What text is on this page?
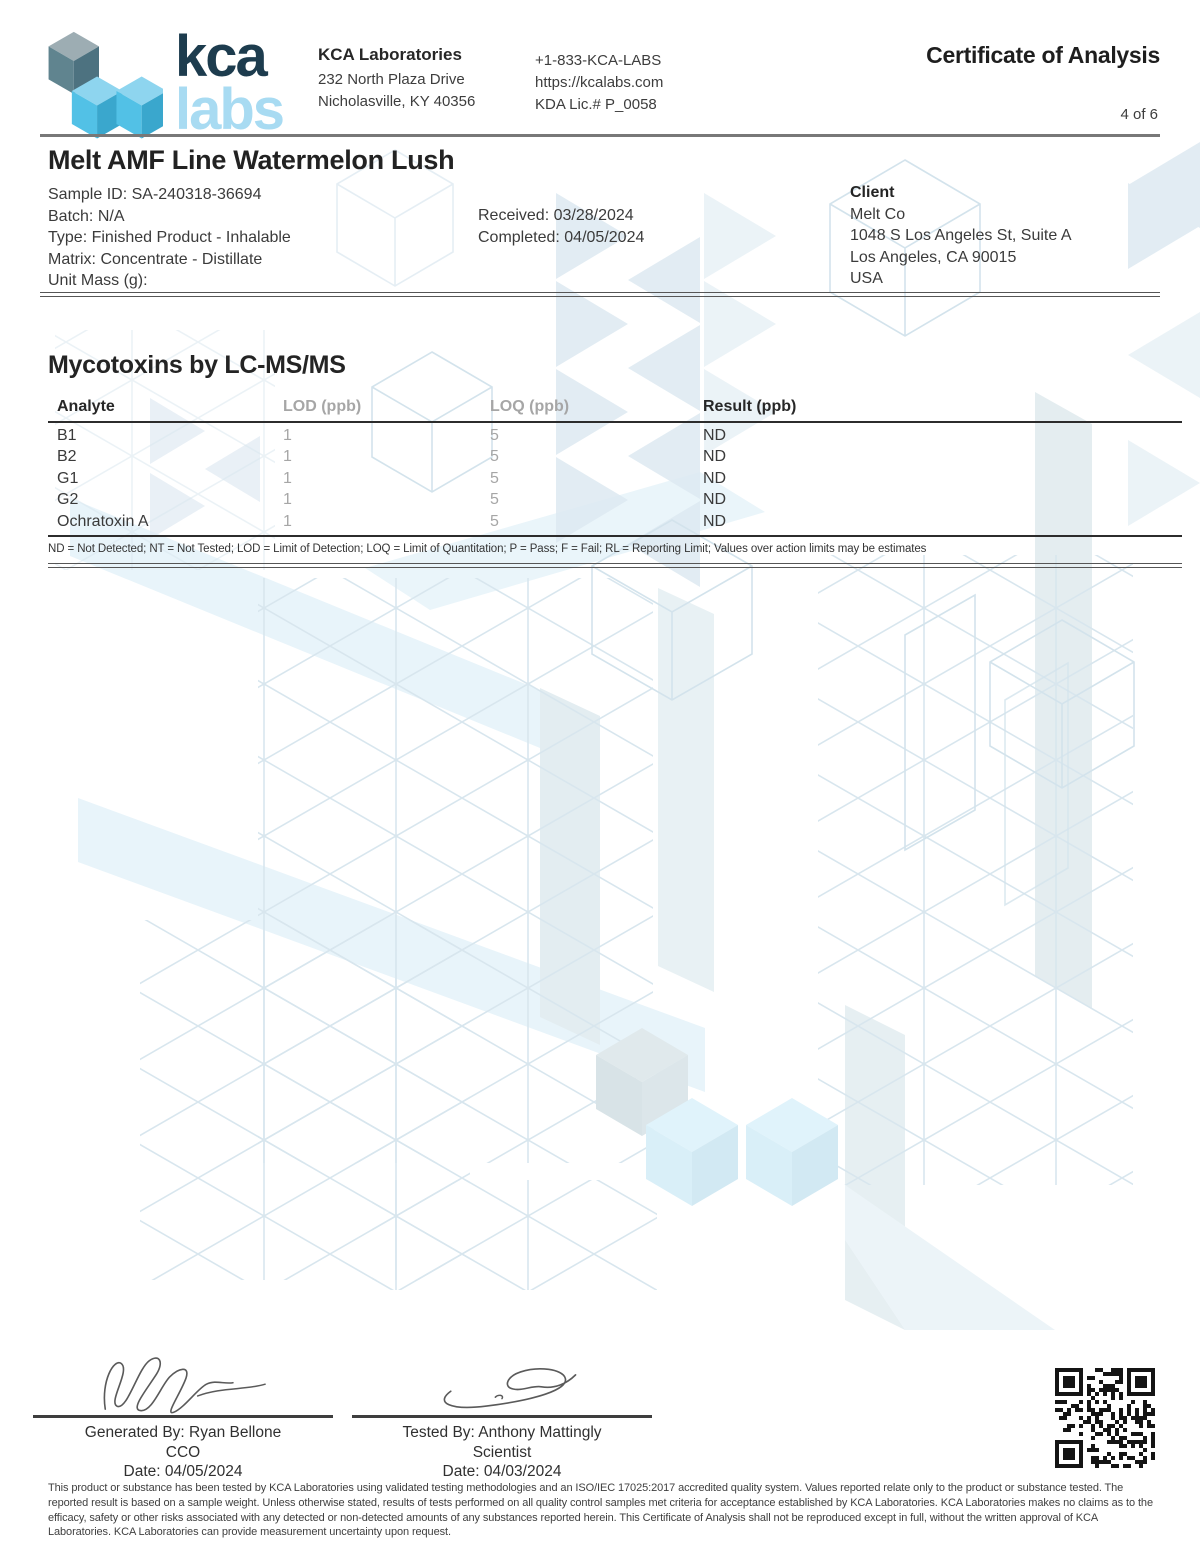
kca
labs
KCA Laboratories
232 North Plaza Drive
Nicholasville, KY 40356
+1-833-KCA-LABS
https://kcalabs.com
KDA Lic.# P_0058
Certificate of Analysis
4 of 6
Melt AMF Line Watermelon Lush
Sample ID: SA-240318-36694
Batch: N/A
Type: Finished Product - Inhalable
Matrix: Concentrate - Distillate
Unit Mass (g):
Received: 03/28/2024
Completed: 04/05/2024
Client
Melt Co
1048 S Los Angeles St, Suite A
Los Angeles, CA 90015
USA
Mycotoxins by LC-MS/MS
Analyte	LOD (ppb)	LOQ (ppb)	Result (ppb)
B1	1	5	ND
B2	1	5	ND
G1	1	5	ND
G2	1	5	ND
Ochratoxin A	1	5	ND
ND = Not Detected; NT = Not Tested; LOD = Limit of Detection; LOQ = Limit of Quantitation; P = Pass; F = Fail; RL = Reporting Limit; Values over action limits may be estimates
Generated By: Ryan Bellone
CCO
Date: 04/05/2024
Tested By: Anthony Mattingly
Scientist
Date: 04/03/2024
This product or substance has been tested by KCA Laboratories using validated testing methodologies and an ISO/IEC 17025:2017 accredited quality system. Values reported relate only to the product or substance tested. The reported result is based on a sample weight. Unless otherwise stated, results of tests performed on all quality control samples met criteria for acceptance established by KCA Laboratories. KCA Laboratories makes no claims as to the efficacy, safety or other risks associated with any detected or non-detected amounts of any substances reported herein. This Certificate of Analysis shall not be reproduced except in full, without the written approval of KCA Laboratories. KCA Laboratories can provide measurement uncertainty upon request.
